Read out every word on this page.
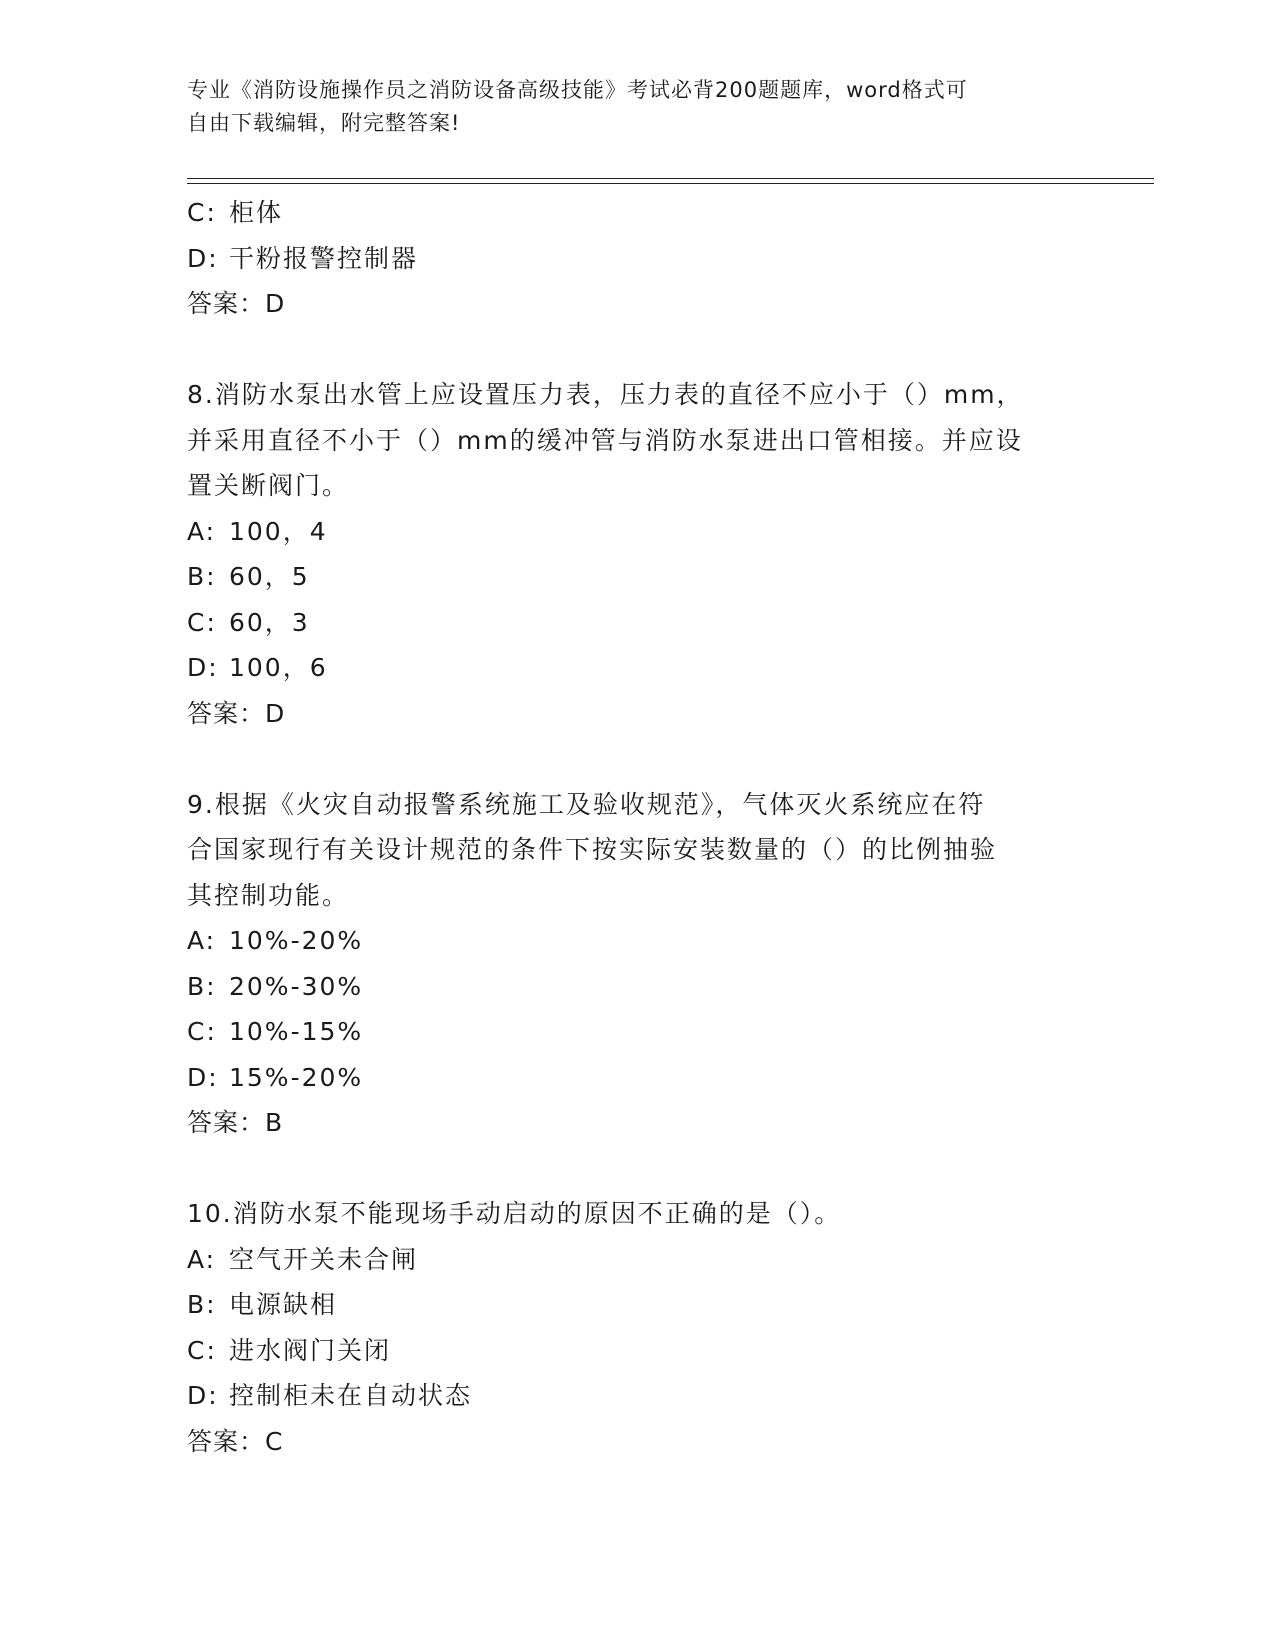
专业《消防设施操作员之消防设备高级技能》考试必背200题题库，word格式可
自由下载编辑，附完整答案!
C: 柜体
D: 干粉报警控制器
答案：D
8.消防水泵出水管上应设置压力表，压力表的直径不应小于（）mm，
并采用直径不小于（）mm的缓冲管与消防水泵进出口管相接。并应设
置关断阀门。
A: 100，4
B: 60，5
C: 60，3
D: 100，6
答案：D
9.根据《火灾自动报警系统施工及验收规范》，气体灭火系统应在符
合国家现行有关设计规范的条件下按实际安装数量的（）的比例抽验
其控制功能。
A: 10%-20%
B: 20%-30%
C: 10%-15%
D: 15%-20%
答案：B
10.消防水泵不能现场手动启动的原因不正确的是（）。
A: 空气开关未合闸
B: 电源缺相
C: 进水阀门关闭
D: 控制柜未在自动状态
答案：C
